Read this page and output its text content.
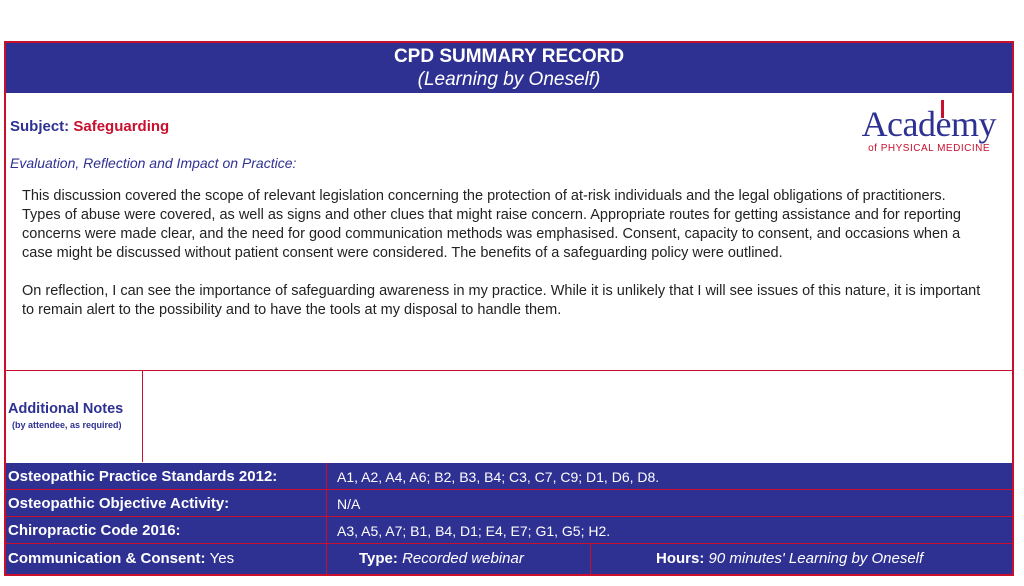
CPD SUMMARY RECORD
(Learning by Oneself)
Subject: Safeguarding	Academy
of PHYSICAL MEDICINE
Evaluation, Reflection and Impact on Practice:

This discussion covered the scope of relevant legislation concerning the protection of at-risk individuals and the legal obligations of practitioners. Types of abuse were covered, as well as signs and other clues that might raise concern. Appropriate routes for getting assistance and for reporting concerns were made clear, and the need for good communication methods was emphasised. Consent, capacity to consent, and occasions when a case might be discussed without patient consent were considered. The benefits of a safeguarding policy were outlined.

On reflection, I can see the importance of safeguarding awareness in my practice. While it is unlikely that I will see issues of this nature, it is important to remain alert to the possibility and to have the tools at my disposal to handle them.

Additional Notes
(by attendee, as required)
Osteopathic Practice Standards 2012:	A1, A2, A4, A6; B2, B3, B4; C3, C7, C9; D1, D6, D8.
Osteopathic Objective Activity:	N/A
Chiropractic Code 2016:	A3, A5, A7; B1, B4, D1; E4, E7; G1, G5; H2.
Communication & Consent: Yes	Type: Recorded webinar	Hours: 90 minutes' Learning by Oneself
